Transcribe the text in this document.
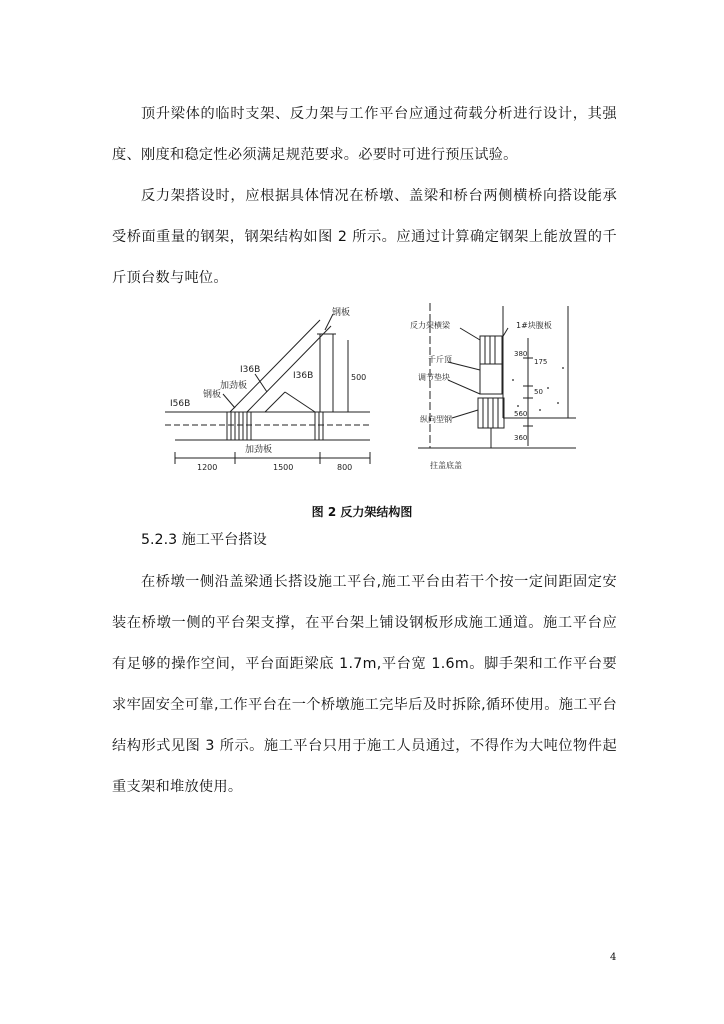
顶升梁体的临时支架、反力架与工作平台应通过荷载分析进行设计，其强度、刚度和稳定性必须满足规范要求。必要时可进行预压试验。

反力架搭设时，应根据具体情况在桥墩、盖梁和桥台两侧横桥向搭设能承受桥面重量的钢架，钢架结构如图 2 所示。应通过计算确定钢架上能放置的千斤顶台数与吨位。

钢板
I36B
I36B
加劲板
I56B
钢板
加劲板
500
1200	1500	800
反力架横梁	1#块腹板
千斤顶
调节垫块
纵向型钢
拄盖底盖
380
175
50
560
360
图 2 反力架结构图
5.2.3 施工平台搭设

在桥墩一侧沿盖梁通长搭设施工平台,施工平台由若干个按一定间距固定安装在桥墩一侧的平台架支撑，在平台架上铺设钢板形成施工通道。施工平台应有足够的操作空间，平台面距梁底 1.7m,平台宽 1.6m。脚手架和工作平台要求牢固安全可靠,工作平台在一个桥墩施工完毕后及时拆除,循环使用。施工平台结构形式见图 3 所示。施工平台只用于施工人员通过，不得作为大吨位物件起重支架和堆放使用。

4
